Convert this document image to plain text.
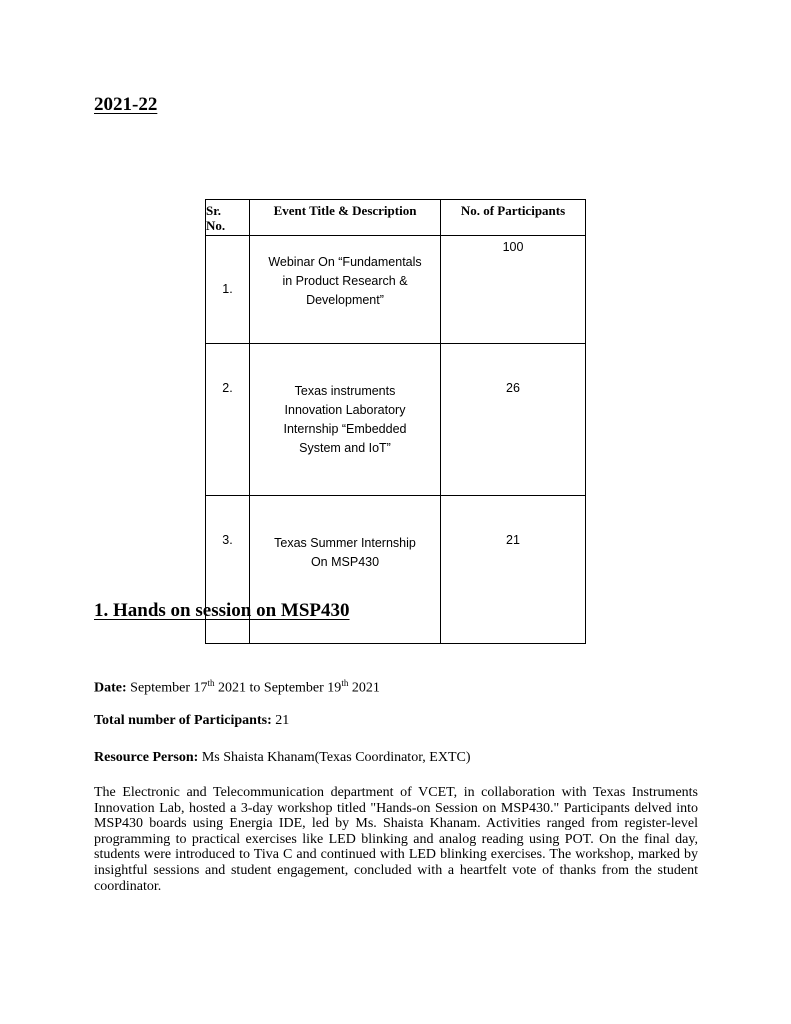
2021-22
Sr.
No.	Event Title & Description	No. of Participants
1.	Webinar On “Fundamentals
in Product Research &
Development”	100
2.	Texas instruments
Innovation Laboratory
Internship “Embedded
System and IoT”	26
3.	Texas Summer Internship
On MSP430	21
1. Hands on session on MSP430
Date: September 17th 2021 to September 19th 2021
Total number of Participants: 21
Resource Person: Ms Shaista Khanam(Texas Coordinator, EXTC)
The Electronic and Telecommunication department of VCET, in collaboration with Texas Instruments Innovation Lab, hosted a 3-day workshop titled "Hands-on Session on MSP430." Participants delved into MSP430 boards using Energia IDE, led by Ms. Shaista Khanam. Activities ranged from register-level programming to practical exercises like LED blinking and analog reading using POT. On the final day, students were introduced to Tiva C and continued with LED blinking exercises. The workshop, marked by insightful sessions and student engagement, concluded with a heartfelt vote of thanks from the student coordinator.
